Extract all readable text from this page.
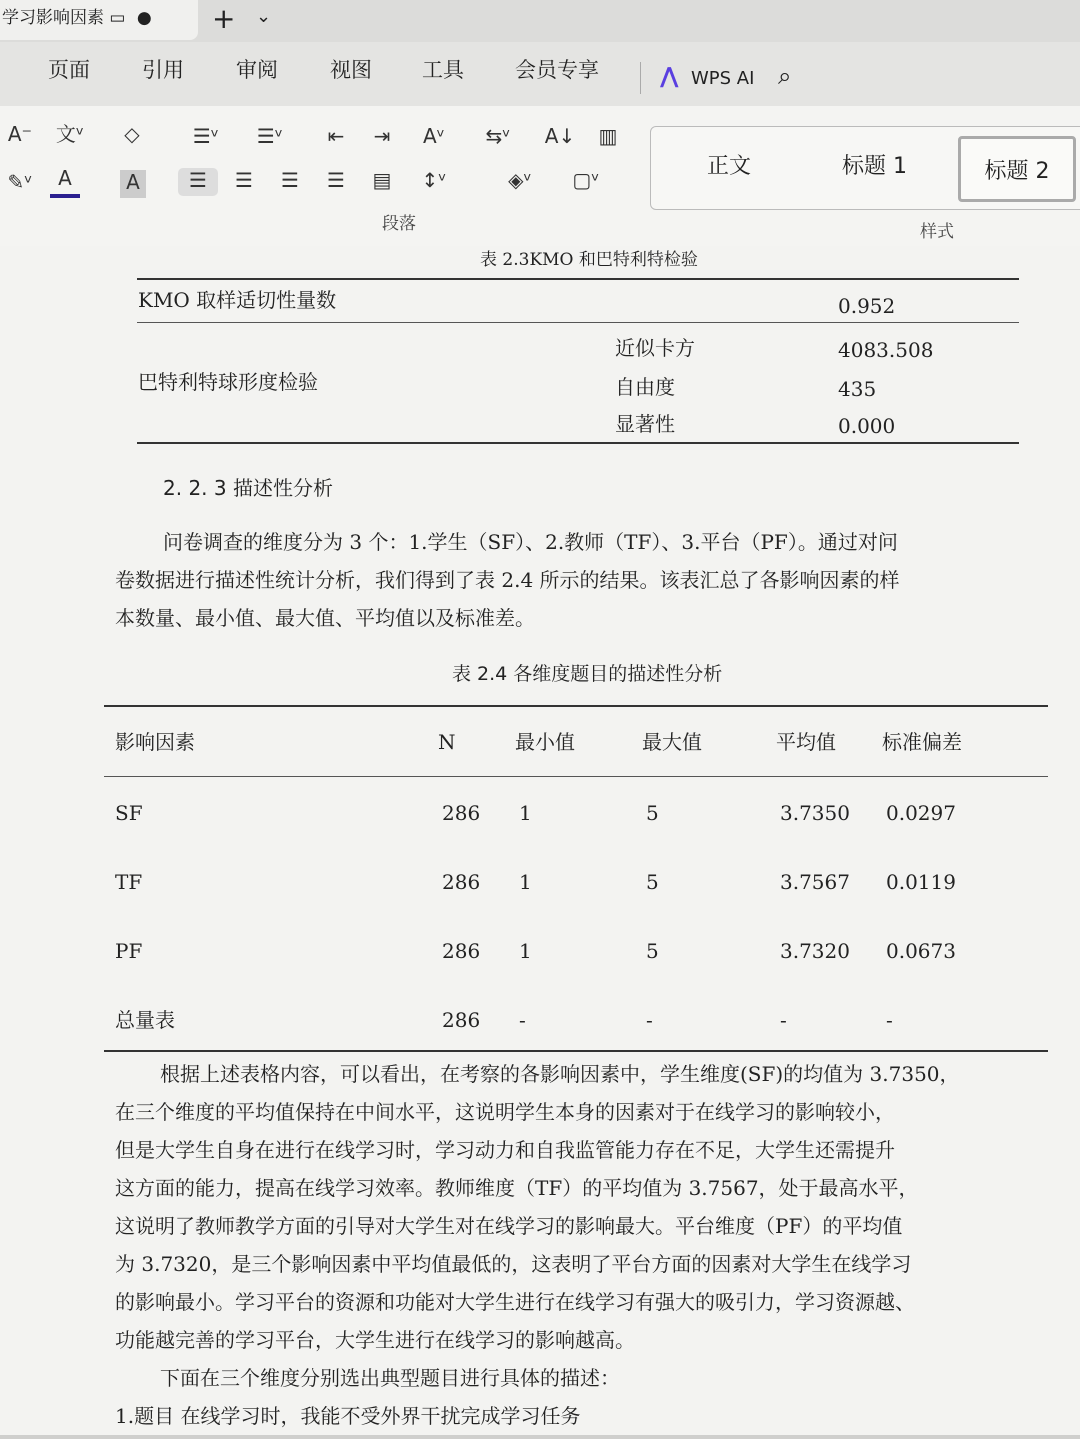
学习影响因素 ▭ ●	+ ⌄
页面 引用 审阅 视图 工具 会员专享	⋀ WPS AI ⌕
A⁻	文ᵛ	◇
✎ᵛ	A	A
☰ᵛ	☰ᵛ	⇤	⇥	Aᵛ	⇆ᵛ	A↓	▥
☰	☰	☰	☰	▤	↕ᵛ	◈ᵛ	▢ᵛ
段落
正文	标题 1	标题 2
样式
表 2.3KMO 和巴特利特检验
KMO 取样适切性量数	0.952
巴特利特球形度检验
近似卡方	4083.508
自由度	435
显著性	0.000
2. 2. 3 描述性分析
问卷调查的维度分为 3 个：1.学生（SF）、2.教师（TF）、3.平台（PF）。通过对问
卷数据进行描述性统计分析，我们得到了表 2.4 所示的结果。该表汇总了各影响因素的样
本数量、最小值、最大值、平均值以及标准差。
表 2.4 各维度题目的描述性分析
影响因素	N	最小值	最大值	平均值 标准偏差
SF	286 1	5	3.7350 0.0297
TF	286 1	5	3.7567 0.0119
PF	286 1	5	3.7320 0.0673
总量表	286 -	-	-	-
根据上述表格内容，可以看出，在考察的各影响因素中，学生维度(SF)的均值为 3.7350，
在三个维度的平均值保持在中间水平，这说明学生本身的因素对于在线学习的影响较小，
但是大学生自身在进行在线学习时，学习动力和自我监管能力存在不足，大学生还需提升
这方面的能力，提高在线学习效率。教师维度（TF）的平均值为 3.7567，处于最高水平，
这说明了教师教学方面的引导对大学生对在线学习的影响最大。平台维度（PF）的平均值
为 3.7320，是三个影响因素中平均值最低的，这表明了平台方面的因素对大学生在线学习
的影响最小。学习平台的资源和功能对大学生进行在线学习有强大的吸引力，学习资源越、
功能越完善的学习平台，大学生进行在线学习的影响越高。
下面在三个维度分别选出典型题目进行具体的描述：
1.题目 在线学习时，我能不受外界干扰完成学习任务
